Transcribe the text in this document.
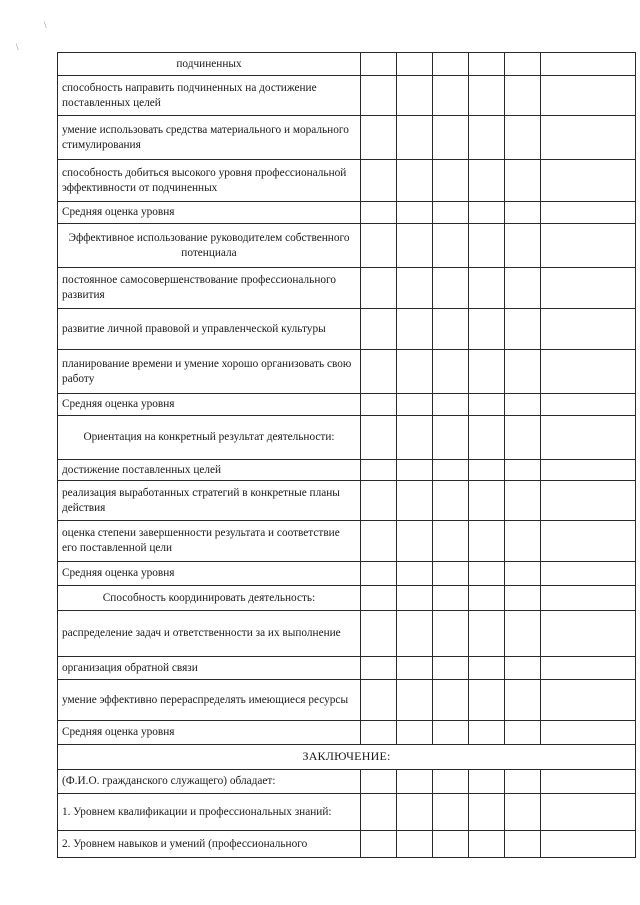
\
\
подчиненных						
способность направить подчиненных на достижение поставленных целей						
умение использовать средства материального и морального стимулирования						
способность добиться высокого уровня профессиональной эффективности от подчиненных						
Средняя оценка уровня						
Эффективное использование руководителем собственного потенциала						
постоянное самосовершенствование профессионального развития						
развитие личной правовой и управленческой культуры						
планирование времени и умение хорошо организовать свою работу						
Средняя оценка уровня						
Ориентация на конкретный результат деятельности:						
достижение поставленных целей						
реализация выработанных стратегий в конкретные планы действия						
оценка степени завершенности результата и соответствие его поставленной цели						
Средняя оценка уровня						
Способность координировать деятельность:						
распределение задач и ответственности за их выполнение						
организация обратной связи						
умение эффективно перераспределять имеющиеся ресурсы						
Средняя оценка уровня						
ЗАКЛЮЧЕНИЕ:						
(Ф.И.О. гражданского служащего) обладает:						
1. Уровнем квалификации и профессиональных знаний:						
2. Уровнем навыков и умений (профессионального						
